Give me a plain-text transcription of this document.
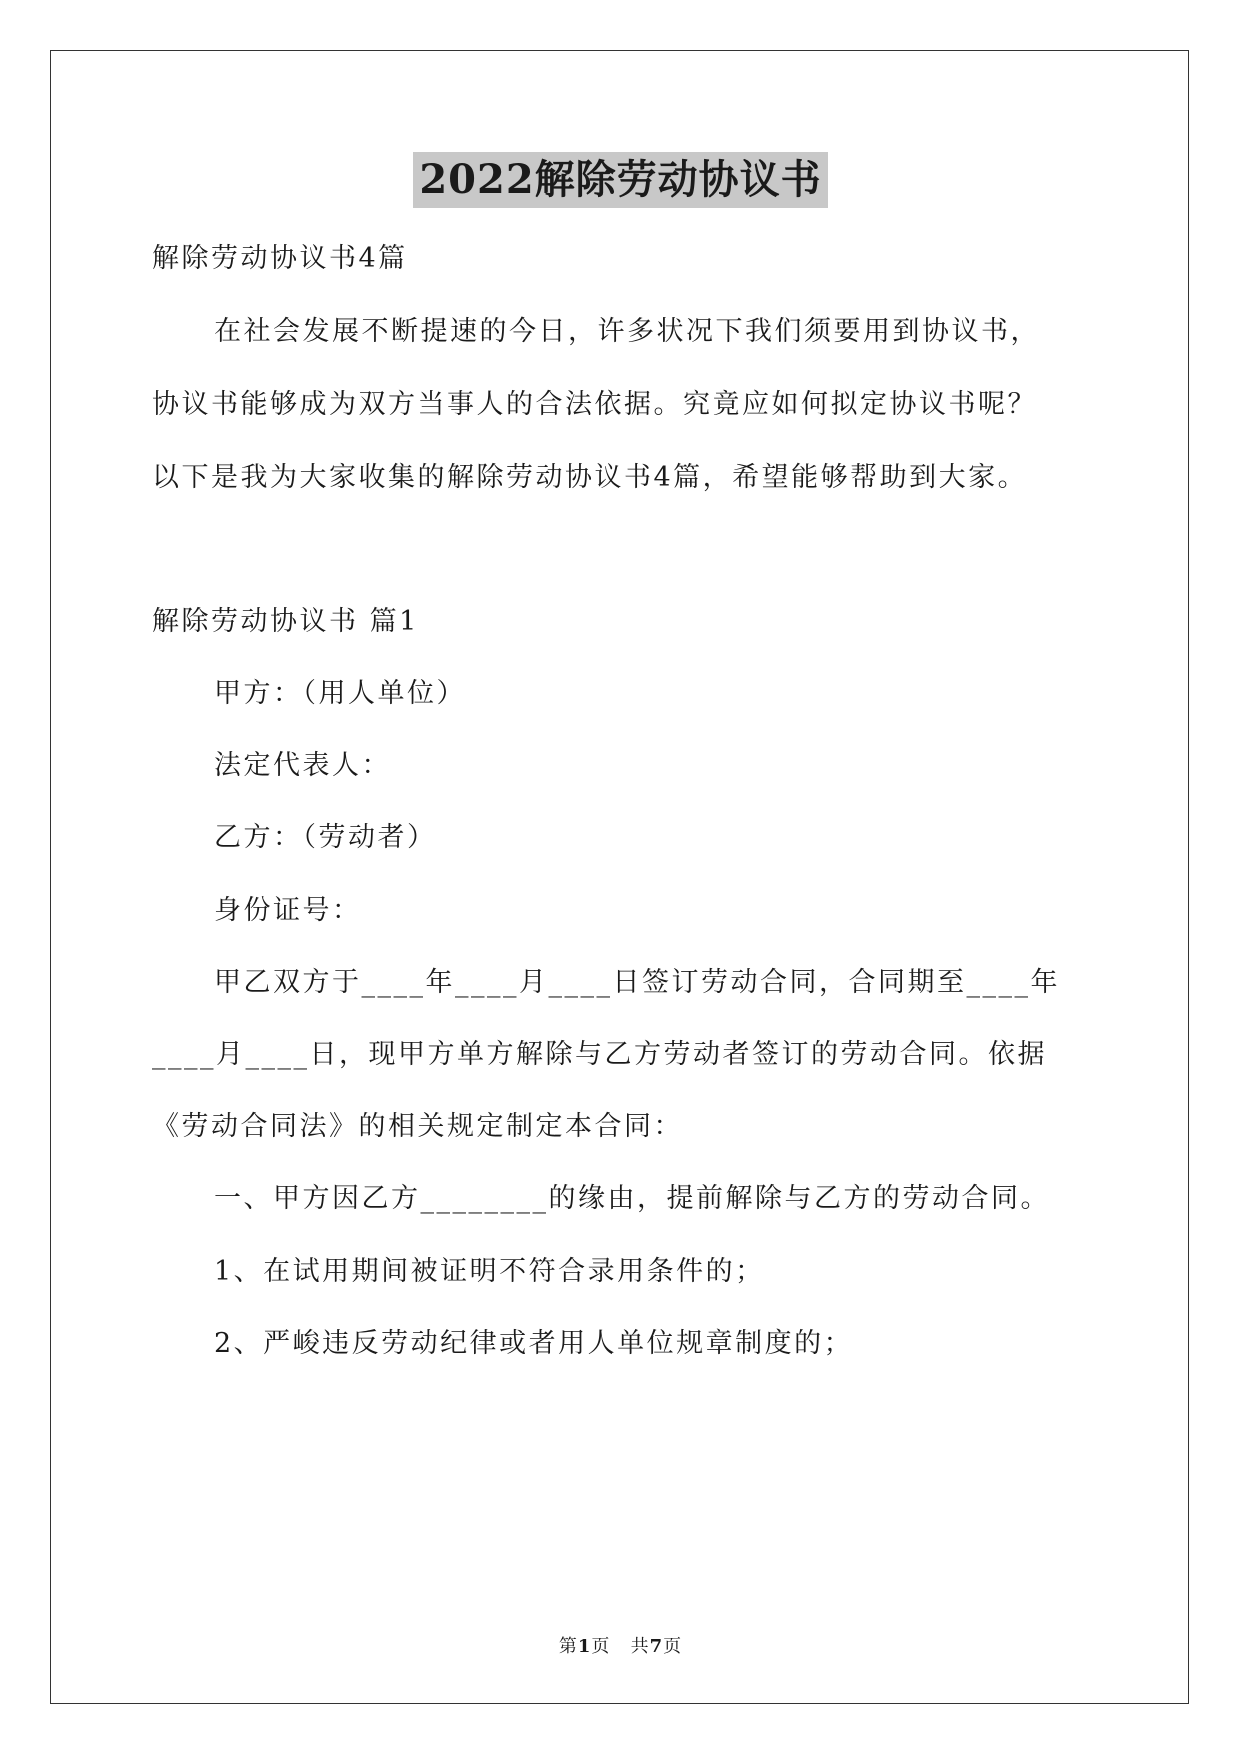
2022解除劳动协议书
解除劳动协议书4篇
在社会发展不断提速的今日，许多状况下我们须要用到协议书，
协议书能够成为双方当事人的合法依据。究竟应如何拟定协议书呢？
以下是我为大家收集的解除劳动协议书4篇，希望能够帮助到大家。
解除劳动协议书 篇1
甲方：（用人单位）
法定代表人：
乙方：（劳动者）
身份证号：
甲乙双方于____年____月____日签订劳动合同，合同期至____年
____月____日，现甲方单方解除与乙方劳动者签订的劳动合同。依据
《劳动合同法》的相关规定制定本合同：
一、甲方因乙方________的缘由，提前解除与乙方的劳动合同。
1、在试用期间被证明不符合录用条件的；
2、严峻违反劳动纪律或者用人单位规章制度的；
第1页 共7页
